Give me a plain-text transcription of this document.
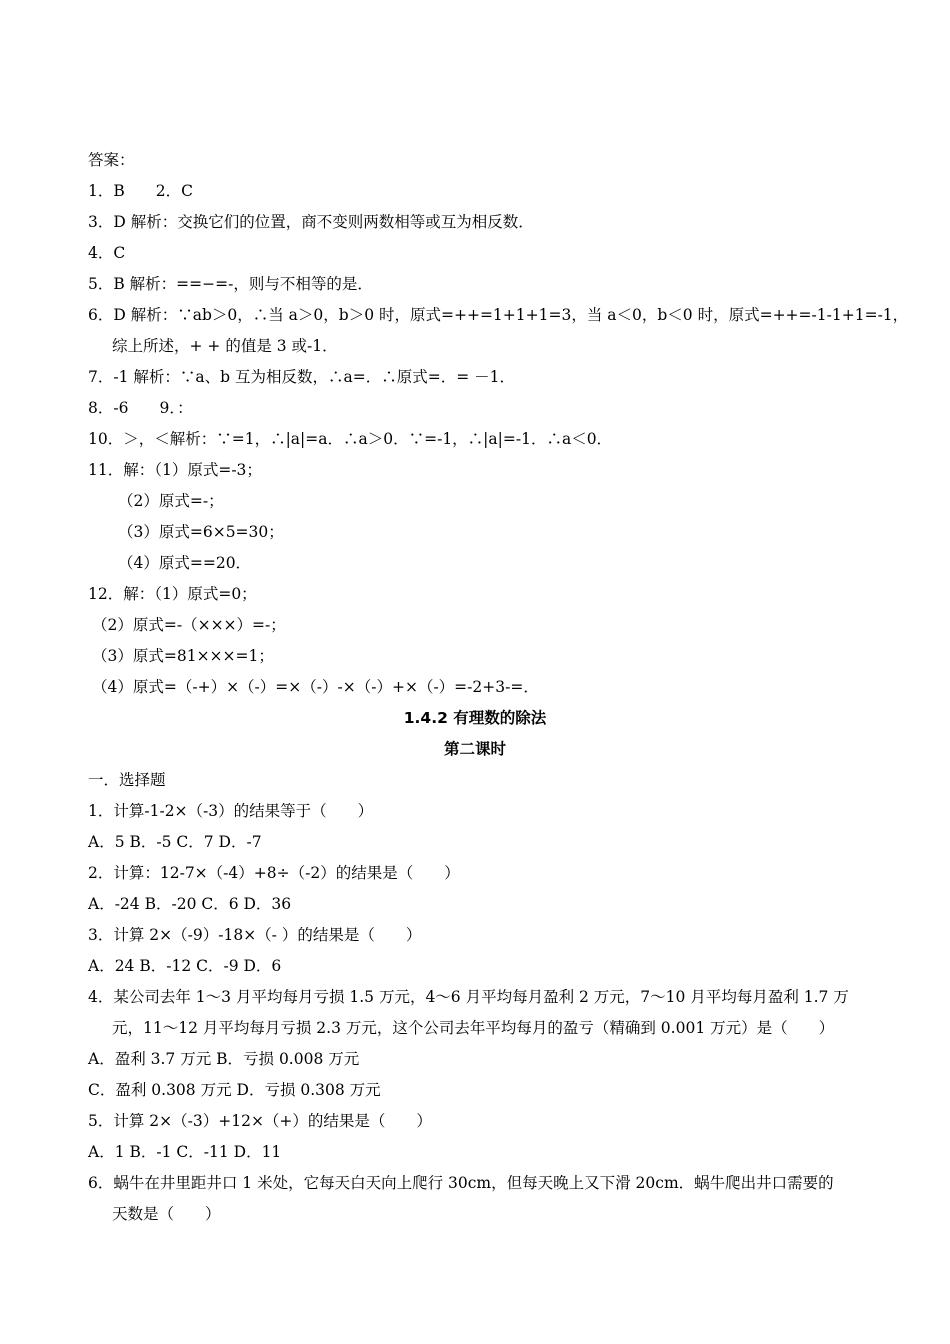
答案：
1．B　　2．C
3．D 解析：交换它们的位置，商不变则两数相等或互为相反数．
4．C
5．B 解析：==−=-，则与不相等的是．
6．D 解析：∵ab＞0，∴当 a＞0，b＞0 时，原式=++=1+1+1=3，当 a＜0，b＜0 时，原式=++=-1-1+1=-1，
综上所述，+ + 的值是 3 或-1．
7．-1 解析：∵a、b 互为相反数，∴a=．∴原式=．= －1．
8．-6　　9．：
10．＞，＜解析：∵=1，∴|a|=a．∴a＞0．∵=-1，∴|a|=-1．∴a＜0．
11．解：（1）原式=-3；
（2）原式=-；
（3）原式=6×5=30；
（4）原式==20．
12．解：（1）原式=0；
（2）原式=-（×××）=-；
（3）原式=81×××=1；
（4）原式=（-+）×（-）=×（-）-×（-）+×（-）=-2+3-=．
1.4.2 有理数的除法
第二课时
一．选择题
1．计算-1-2×（-3）的结果等于（　　）
A．5 B．-5 C．7 D．-7
2．计算：12-7×（-4）+8÷（-2）的结果是（　　）
A．-24 B．-20 C．6 D．36
3．计算 2×（-9）-18×（- ）的结果是（　　）
A．24 B．-12 C．-9 D．6
4．某公司去年 1～3 月平均每月亏损 1.5 万元，4～6 月平均每月盈利 2 万元，7～10 月平均每月盈利 1.7 万
元，11～12 月平均每月亏损 2.3 万元，这个公司去年平均每月的盈亏（精确到 0.001 万元）是（　　）
A．盈利 3.7 万元 B．亏损 0.008 万元
C．盈利 0.308 万元 D．亏损 0.308 万元
5．计算 2×（-3）+12×（+）的结果是（　　）
A．1 B．-1 C．-11 D．11
6．蜗牛在井里距井口 1 米处，它每天白天向上爬行 30cm，但每天晚上又下滑 20cm．蜗牛爬出井口需要的
天数是（　　）
